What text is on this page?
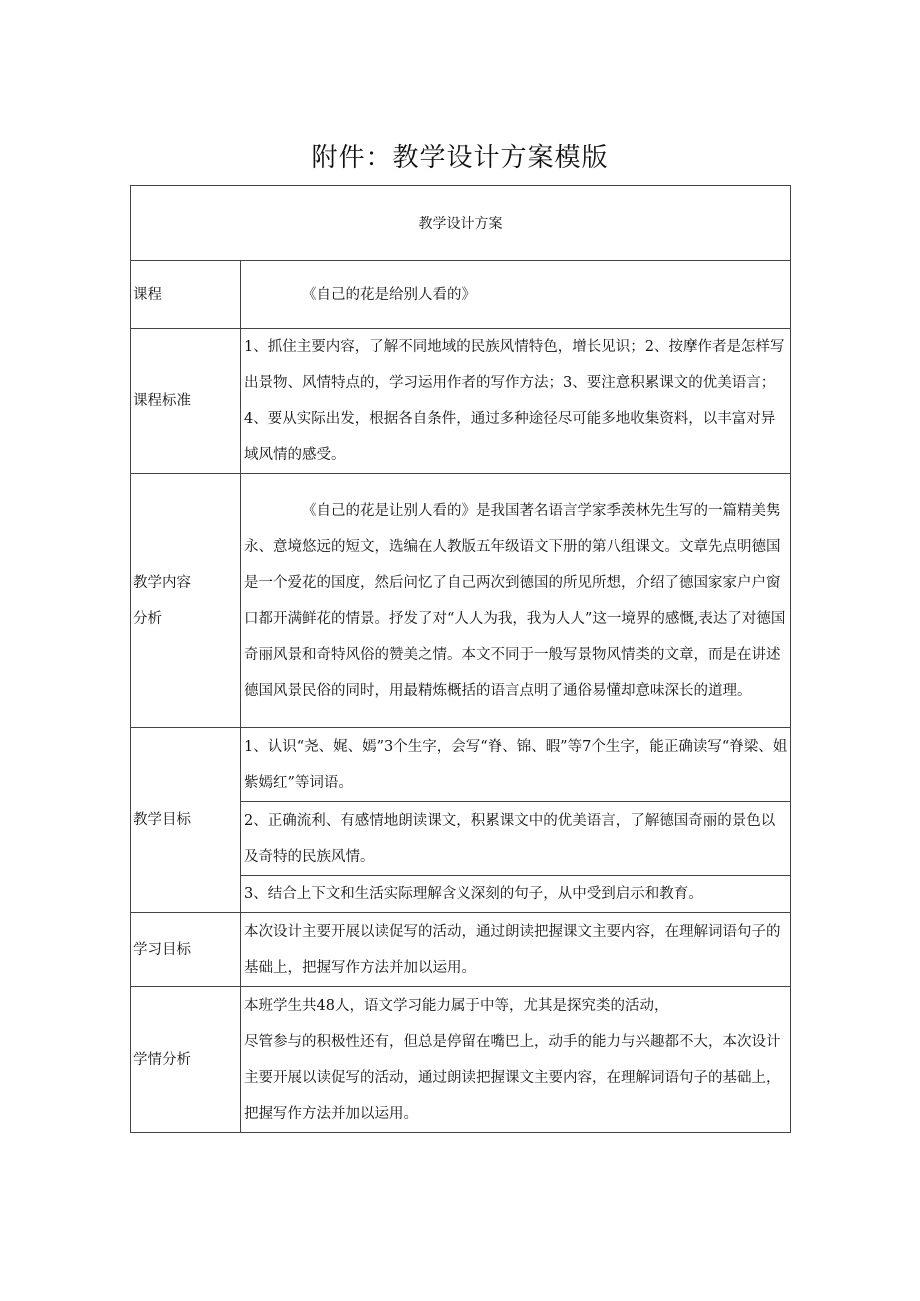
附件：教学设计方案模版
教学设计方案	
课程	《自己的花是给别人看的》

课程标准	1、抓住主要内容，了解不同地域的民族风情特色，增长见识；2、按摩作者是怎样写出景物、风情特点的，学习运用作者的写作方法；3、要注意积累课文的优美语言；4、要从实际出发，根据各自条件，通过多种途径尽可能多地收集资料，以丰富对异域风情的感受。

教学内容
分析	《自己的花是让别人看的》是我国著名语言学家季羡林先生写的一篇精美隽永、意境悠远的短文，选编在人教版五年级语文下册的第八组课文。文章先点明德国是一个爱花的国度，然后问忆了自己两次到德国的所见所想，介绍了德国家家户户窗口都开满鲜花的情景。抒发了对“人人为我，我为人人”这一境界的感慨,表达了对德国奇丽风景和奇特风俗的赞美之情。本文不同于一般写景物风情类的文章，而是在讲述德国风景民俗的同时，用最精炼概括的语言点明了通俗易懂却意味深长的道理。

教学目标	1、认识“尧、娓、嫣”3个生字，会写“脊、锦、暇”等7个生字，能正确读写“脊梁、姐紫嫣红”等词语。
	2、正确流利、有感情地朗读课文，积累课文中的优美语言，了解德国奇丽的景色以及奇特的民族风情。
	3、结合上下文和生活实际理解含义深刻的句子，从中受到启示和教育。
学习目标	本次设计主要开展以读促写的活动，通过朗读把握课文主要内容，在理解词语句子的基础上，把握写作方法并加以运用。
学情分析	本班学生共48人，语文学习能力属于中等，尤其是探究类的活动，

尽管参与的积极性还有，但总是停留在嘴巴上，动手的能力与兴趣都不大，本次设计主要开展以读促写的活动，通过朗读把握课文主要内容，在理解词语句子的基础上，把握写作方法并加以运用。
